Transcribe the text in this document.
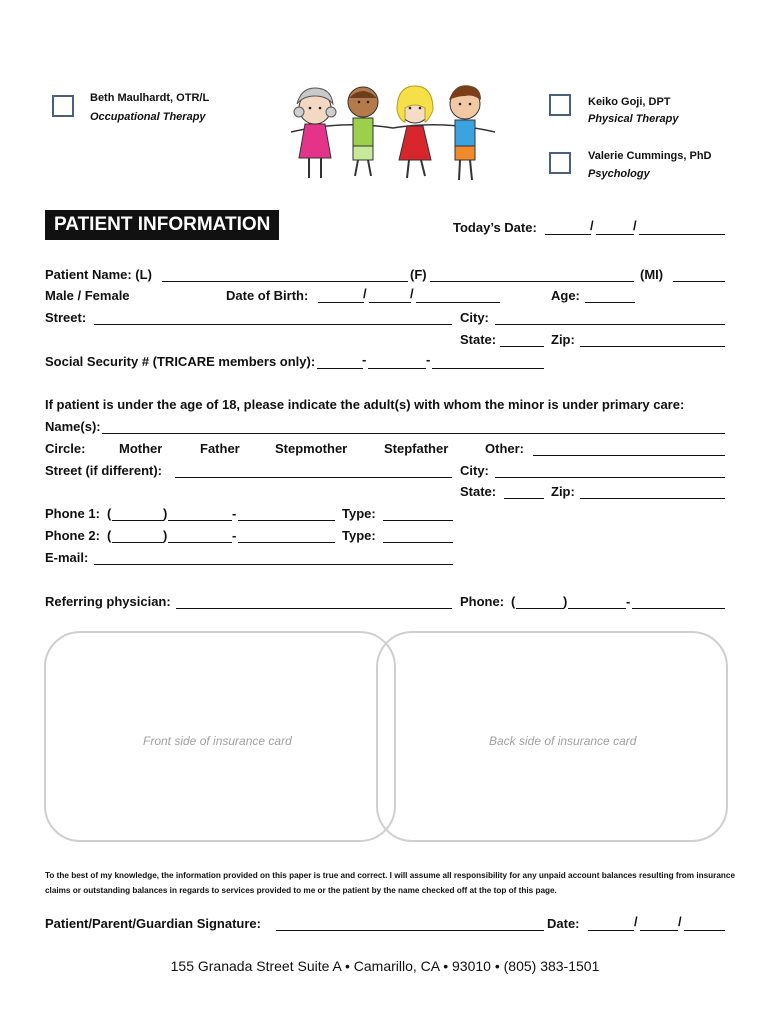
Beth Maulhardt, OTR/L
Occupational Therapy
Keiko Goji, DPT
Physical Therapy
Valerie Cummings, PhD
Psychology
PATIENT INFORMATION	Today’s Date:	/	/
Patient Name: (L)	(F)	(MI)
Male / Female	Date of Birth:	/	/	Age:
Street:	City:
State:	Zip:
Social Security # (TRICARE members only):	-	-
If patient is under the age of 18, please indicate the adult(s) with whom the minor is under primary care:
Name(s):
Circle:	Mother	Father	Stepmother	Stepfather	Other:
Street (if different):	City:
State:	Zip:
Phone 1: (	)	-	Type:
Phone 2: (	)	-	Type:
E-mail:
Referring physician:	Phone: (	)	-
Front side of insurance card	Back side of insurance card
To the best of my knowledge, the information provided on this paper is true and correct. I will assume all responsibility for any unpaid account balances resulting from insurance claims or outstanding balances in regards to services provided to me or the patient by the name checked off at the top of this page.
Patient/Parent/Guardian Signature:	Date:	/	/
155 Granada Street Suite A • Camarillo, CA • 93010 • (805) 383-1501
